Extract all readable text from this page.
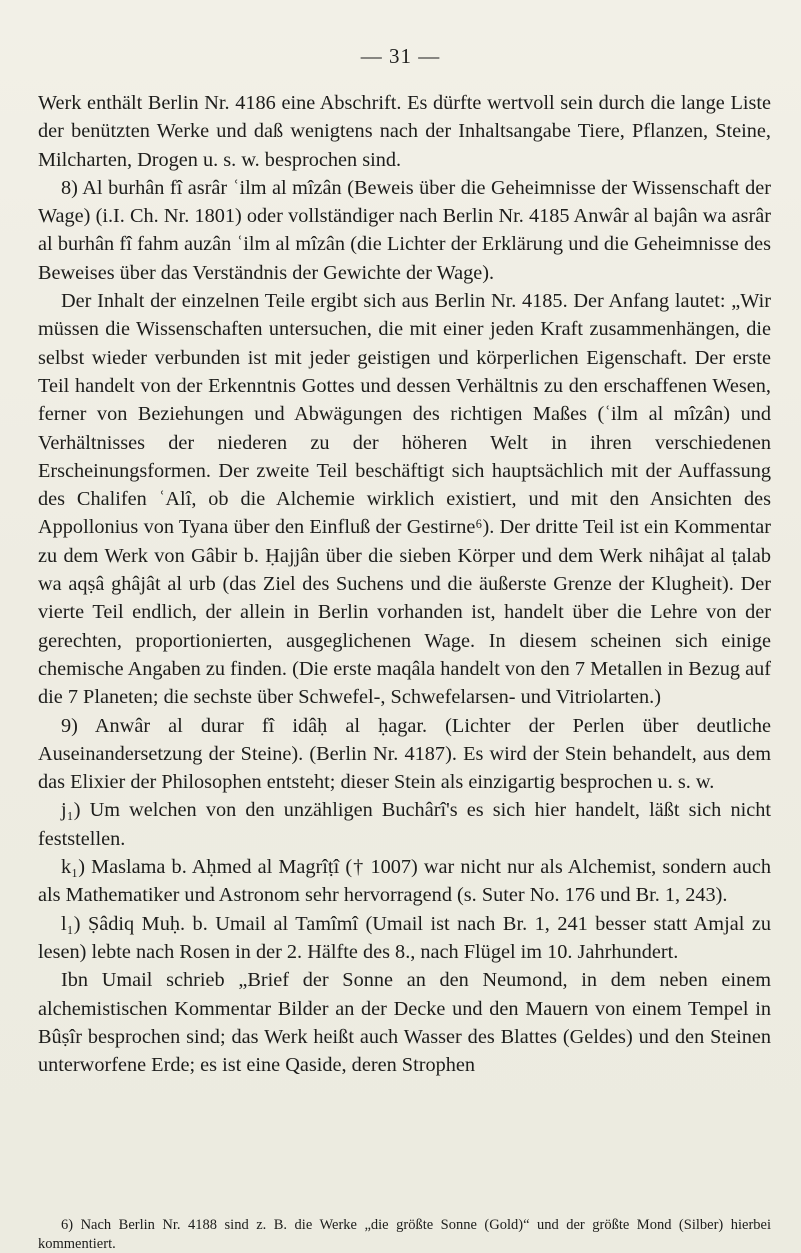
— 31 —

Werk enthält Berlin Nr. 4186 eine Abschrift. Es dürfte wertvoll sein durch die lange Liste der benützten Werke und daß wenigtens nach der Inhaltsangabe Tiere, Pflanzen, Steine, Milcharten, Drogen u. s. w. besprochen sind.

8) Al burhân fî asrâr ʿilm al mîzân (Beweis über die Geheimnisse der Wissenschaft der Wage) (i.I. Ch. Nr. 1801) oder vollständiger nach Berlin Nr. 4185 Anwâr al bajân wa asrâr al burhân fî fahm auzân ʿilm al mîzân (die Lichter der Erklärung und die Geheimnisse des Beweises über das Verständnis der Gewichte der Wage).

Der Inhalt der einzelnen Teile ergibt sich aus Berlin Nr. 4185. Der Anfang lautet: „Wir müssen die Wissenschaften untersuchen, die mit einer jeden Kraft zusammenhängen, die selbst wieder verbunden ist mit jeder geistigen und körperlichen Eigenschaft. Der erste Teil handelt von der Erkenntnis Gottes und dessen Verhältnis zu den erschaffenen Wesen, ferner von Beziehungen und Abwägungen des richtigen Maßes (ʿilm al mîzân) und Verhältnisses der niederen zu der höheren Welt in ihren verschiedenen Erscheinungsformen. Der zweite Teil beschäftigt sich hauptsächlich mit der Auffassung des Chalifen ʿAlî, ob die Alchemie wirklich existiert, und mit den Ansichten des Appollonius von Tyana über den Einfluß der Gestirne⁶). Der dritte Teil ist ein Kommentar zu dem Werk von Gâbir b. Ḥajjân über die sieben Körper und dem Werk nihâjat al ṭalab wa aqṣâ ghâjât al urb (das Ziel des Suchens und die äußerste Grenze der Klugheit). Der vierte Teil endlich, der allein in Berlin vorhanden ist, handelt über die Lehre von der gerechten, proportionierten, ausgeglichenen Wage. In diesem scheinen sich einige chemische Angaben zu finden. (Die erste maqâla handelt von den 7 Metallen in Bezug auf die 7 Planeten; die sechste über Schwefel-, Schwefelarsen- und Vitriolarten.)

9) Anwâr al durar fî idâḥ al ḥagar. (Lichter der Perlen über deutliche Auseinandersetzung der Steine). (Berlin Nr. 4187). Es wird der Stein behandelt, aus dem das Elixier der Philosophen entsteht; dieser Stein als einzigartig besprochen u. s. w.

j₁) Um welchen von den unzähligen Buchârî's es sich hier handelt, läßt sich nicht feststellen.

k₁) Maslama b. Aḥmed al Magrîṭî († 1007) war nicht nur als Alchemist, sondern auch als Mathematiker und Astronom sehr hervorragend (s. Suter No. 176 und Br. 1, 243).

l₁) Ṣâdiq Muḥ. b. Umail al Tamîmî (Umail ist nach Br. 1, 241 besser statt Amjal zu lesen) lebte nach Rosen in der 2. Hälfte des 8., nach Flügel im 10. Jahrhundert.

Ibn Umail schrieb „Brief der Sonne an den Neumond, in dem neben einem alchemistischen Kommentar Bilder an der Decke und den Mauern von einem Tempel in Bûṣîr besprochen sind; das Werk heißt auch Wasser des Blattes (Geldes) und den Steinen unterworfene Erde; es ist eine Qaside, deren Strophen

6) Nach Berlin Nr. 4188 sind z. B. die Werke „die größte Sonne (Gold)“ und der größte Mond (Silber) hierbei kommentiert.
